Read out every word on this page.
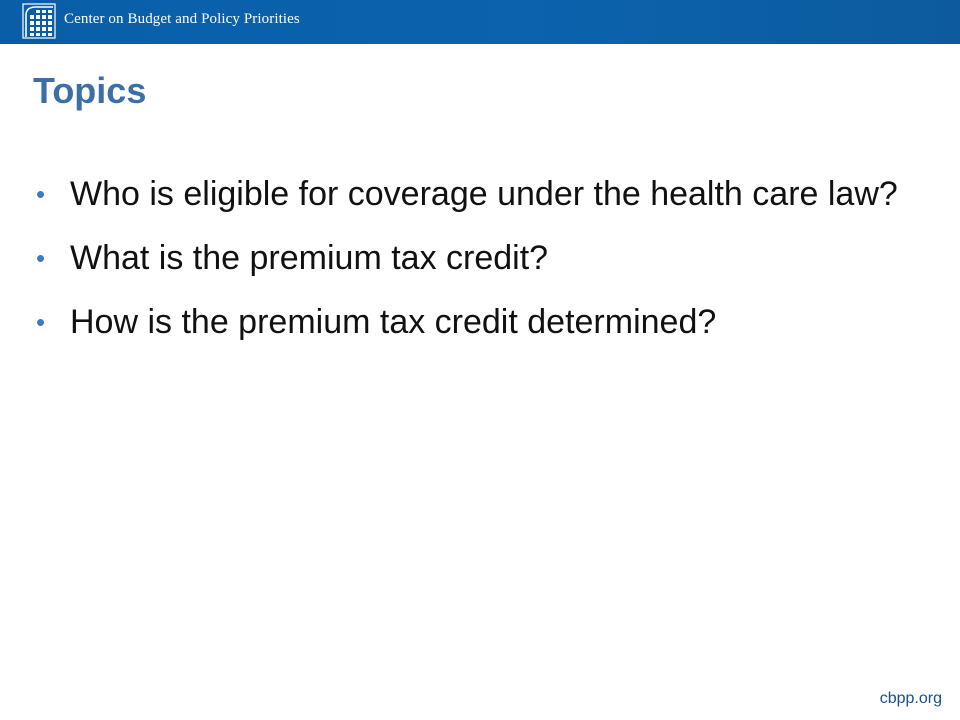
Center on Budget and Policy Priorities
Topics
• Who is eligible for coverage under the health care law?
• What is the premium tax credit?
• How is the premium tax credit determined?
cbpp.org
